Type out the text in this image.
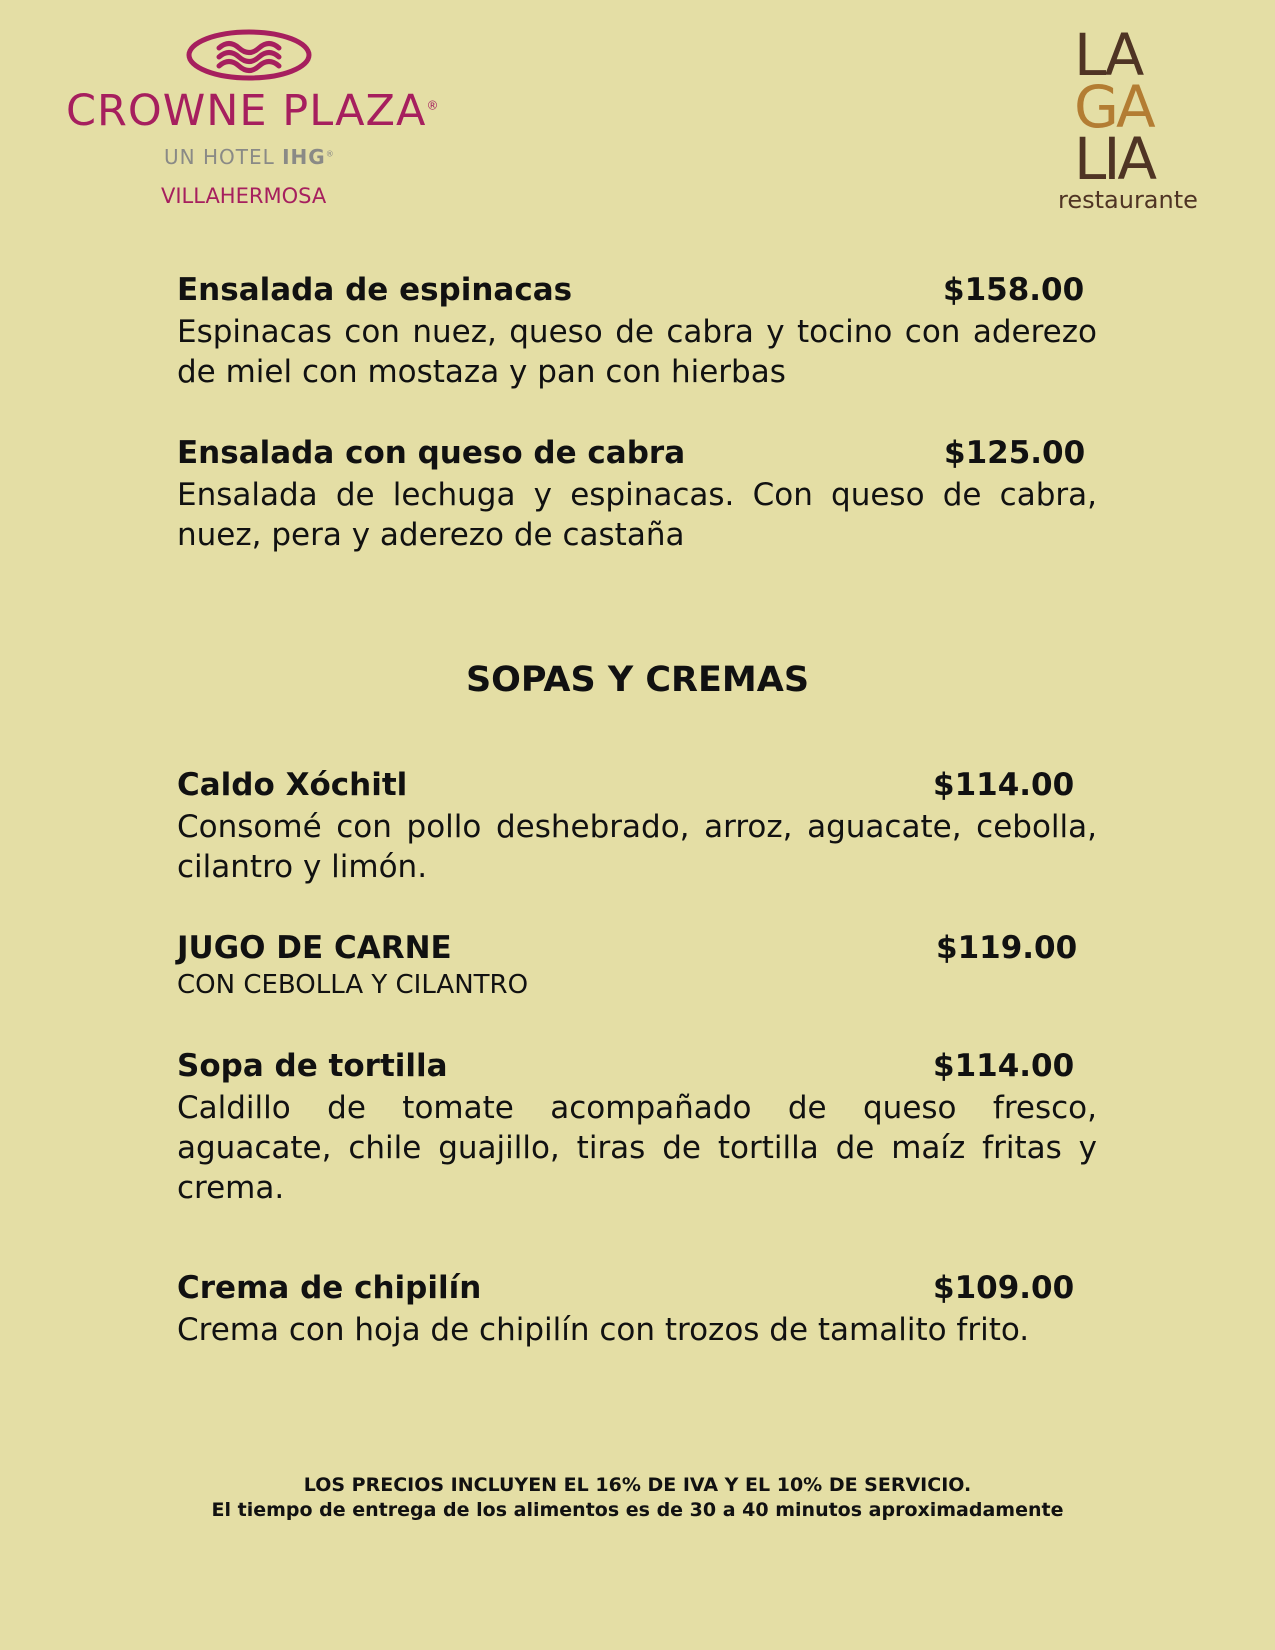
CROWNE PLAZA®
UN HOTEL IHG®
VILLAHERMOSA
LA
GA
LIA
restaurante
Ensalada de espinacas	$158.00
Espinacas con nuez, queso de cabra y tocino con aderezo de miel con mostaza y pan con hierbas
Ensalada con queso de cabra	$125.00
Ensalada de lechuga y espinacas. Con queso de cabra, nuez, pera y aderezo de castaña
SOPAS Y CREMAS
Caldo Xóchitl	$114.00
Consomé con pollo deshebrado, arroz, aguacate, cebolla, cilantro y limón.
JUGO DE CARNE	$119.00
CON CEBOLLA Y CILANTRO
Sopa de tortilla	$114.00
Caldillo de tomate acompañado de queso fresco, aguacate, chile guajillo, tiras de tortilla de maíz fritas y crema.
Crema de chipilín	$109.00
Crema con hoja de chipilín con trozos de tamalito frito.
LOS PRECIOS INCLUYEN EL 16% DE IVA Y EL 10% DE SERVICIO.
El tiempo de entrega de los alimentos es de 30 a 40 minutos aproximadamente
